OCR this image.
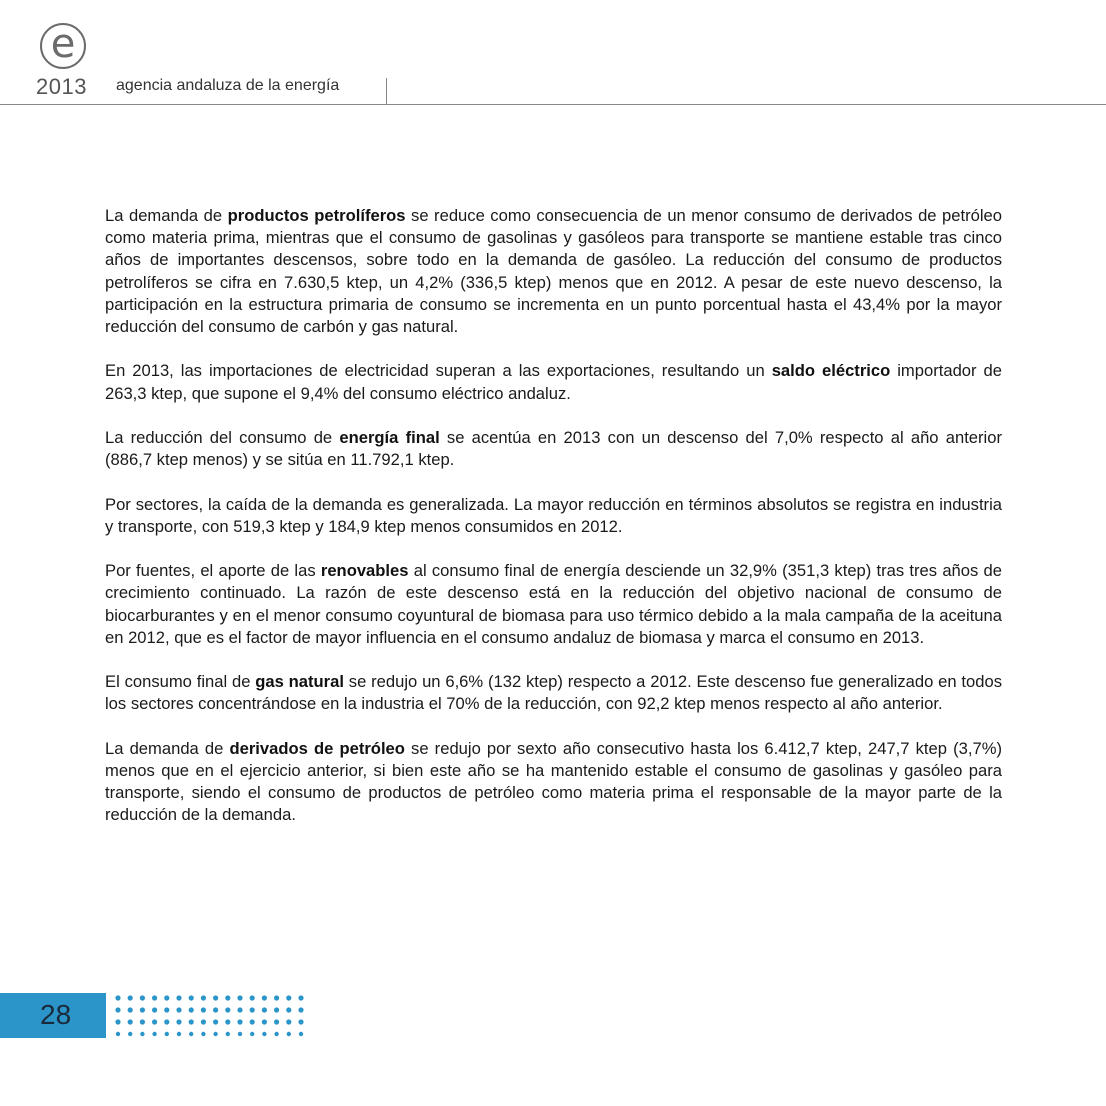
e
2013 agencia andaluza de la energía

La demanda de productos petrolíferos se reduce como consecuencia de un menor consumo de derivados de petróleo como materia prima, mientras que el consumo de gasolinas y gasóleos para transporte se mantiene estable tras cinco años de importantes descensos, sobre todo en la demanda de gasóleo. La reducción del consumo de productos petrolíferos se cifra en 7.630,5 ktep, un 4,2% (336,5 ktep) menos que en 2012. A pesar de este nuevo descenso, la participación en la estructura primaria de consumo se incrementa en un punto porcentual hasta el 43,4% por la mayor reducción del consumo de carbón y gas natural.

En 2013, las importaciones de electricidad superan a las exportaciones, resultando un saldo eléctrico importador de 263,3 ktep, que supone el 9,4% del consumo eléctrico andaluz.

La reducción del consumo de energía final se acentúa en 2013 con un descenso del 7,0% respecto al año anterior (886,7 ktep menos) y se sitúa en 11.792,1 ktep.

Por sectores, la caída de la demanda es generalizada. La mayor reducción en términos absolutos se registra en industria y transporte, con 519,3 ktep y 184,9 ktep menos consumidos en 2012.

Por fuentes, el aporte de las renovables al consumo final de energía desciende un 32,9% (351,3 ktep) tras tres años de crecimiento continuado. La razón de este descenso está en la reducción del objetivo nacional de consumo de biocarburantes y en el menor consumo coyuntural de biomasa para uso térmico debido a la mala campaña de la aceituna en 2012, que es el factor de mayor influencia en el consumo andaluz de biomasa y marca el consumo en 2013.

El consumo final de gas natural se redujo un 6,6% (132 ktep) respecto a 2012. Este descenso fue generalizado en todos los sectores concentrándose en la industria el 70% de la reducción, con 92,2 ktep menos respecto al año anterior.

La demanda de derivados de petróleo se redujo por sexto año consecutivo hasta los 6.412,7 ktep, 247,7 ktep (3,7%) menos que en el ejercicio anterior, si bien este año se ha mantenido estable el consumo de gasolinas y gasóleo para transporte, siendo el consumo de productos de petróleo como materia prima el responsable de la mayor parte de la reducción de la demanda.

28
